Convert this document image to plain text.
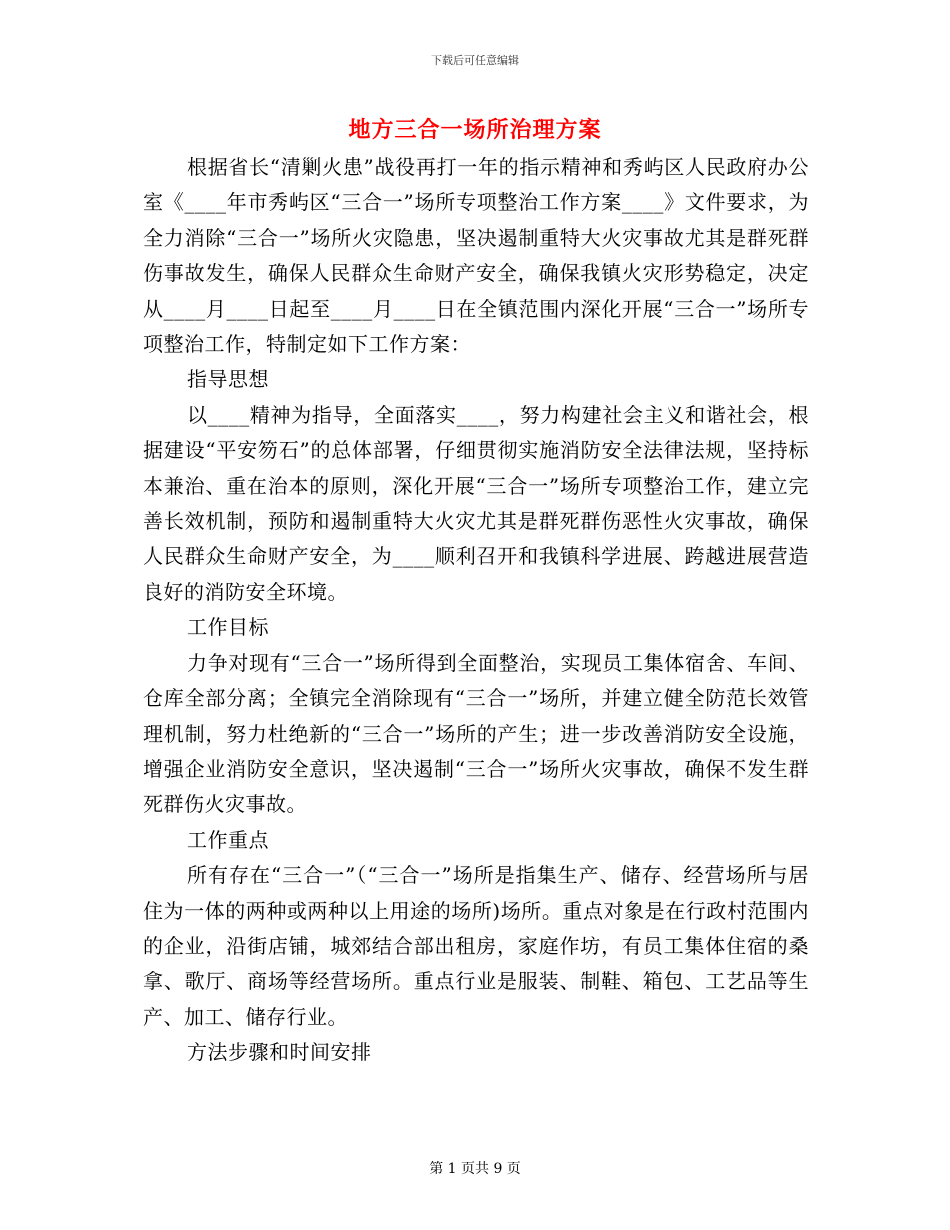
下载后可任意编辑
地方三合一场所治理方案

根据省长“清剿火患”战役再打一年的指示精神和秀屿区人民政府办公室《____年市秀屿区“三合一”场所专项整治工作方案____》文件要求，为全力消除“三合一”场所火灾隐患，坚决遏制重特大火灾事故尤其是群死群伤事故发生，确保人民群众生命财产安全，确保我镇火灾形势稳定，决定从____月____日起至____月____日在全镇范围内深化开展“三合一”场所专项整治工作，特制定如下工作方案：

指导思想

以____精神为指导，全面落实____，努力构建社会主义和谐社会，根据建设“平安笏石”的总体部署，仔细贯彻实施消防安全法律法规，坚持标本兼治、重在治本的原则，深化开展“三合一”场所专项整治工作，建立完善长效机制，预防和遏制重特大火灾尤其是群死群伤恶性火灾事故，确保人民群众生命财产安全，为____顺利召开和我镇科学进展、跨越进展营造良好的消防安全环境。

工作目标

力争对现有“三合一”场所得到全面整治，实现员工集体宿舍、车间、仓库全部分离；全镇完全消除现有“三合一”场所，并建立健全防范长效管理机制，努力杜绝新的“三合一”场所的产生；进一步改善消防安全设施，增强企业消防安全意识，坚决遏制“三合一”场所火灾事故，确保不发生群死群伤火灾事故。

工作重点

所有存在“三合一”（“三合一”场所是指集生产、储存、经营场所与居住为一体的两种或两种以上用途的场所)场所。重点对象是在行政村范围内的企业，沿街店铺，城郊结合部出租房，家庭作坊，有员工集体住宿的桑拿、歌厅、商场等经营场所。重点行业是服装、制鞋、箱包、工艺品等生产、加工、储存行业。

方法步骤和时间安排

第 1 页共 9 页
